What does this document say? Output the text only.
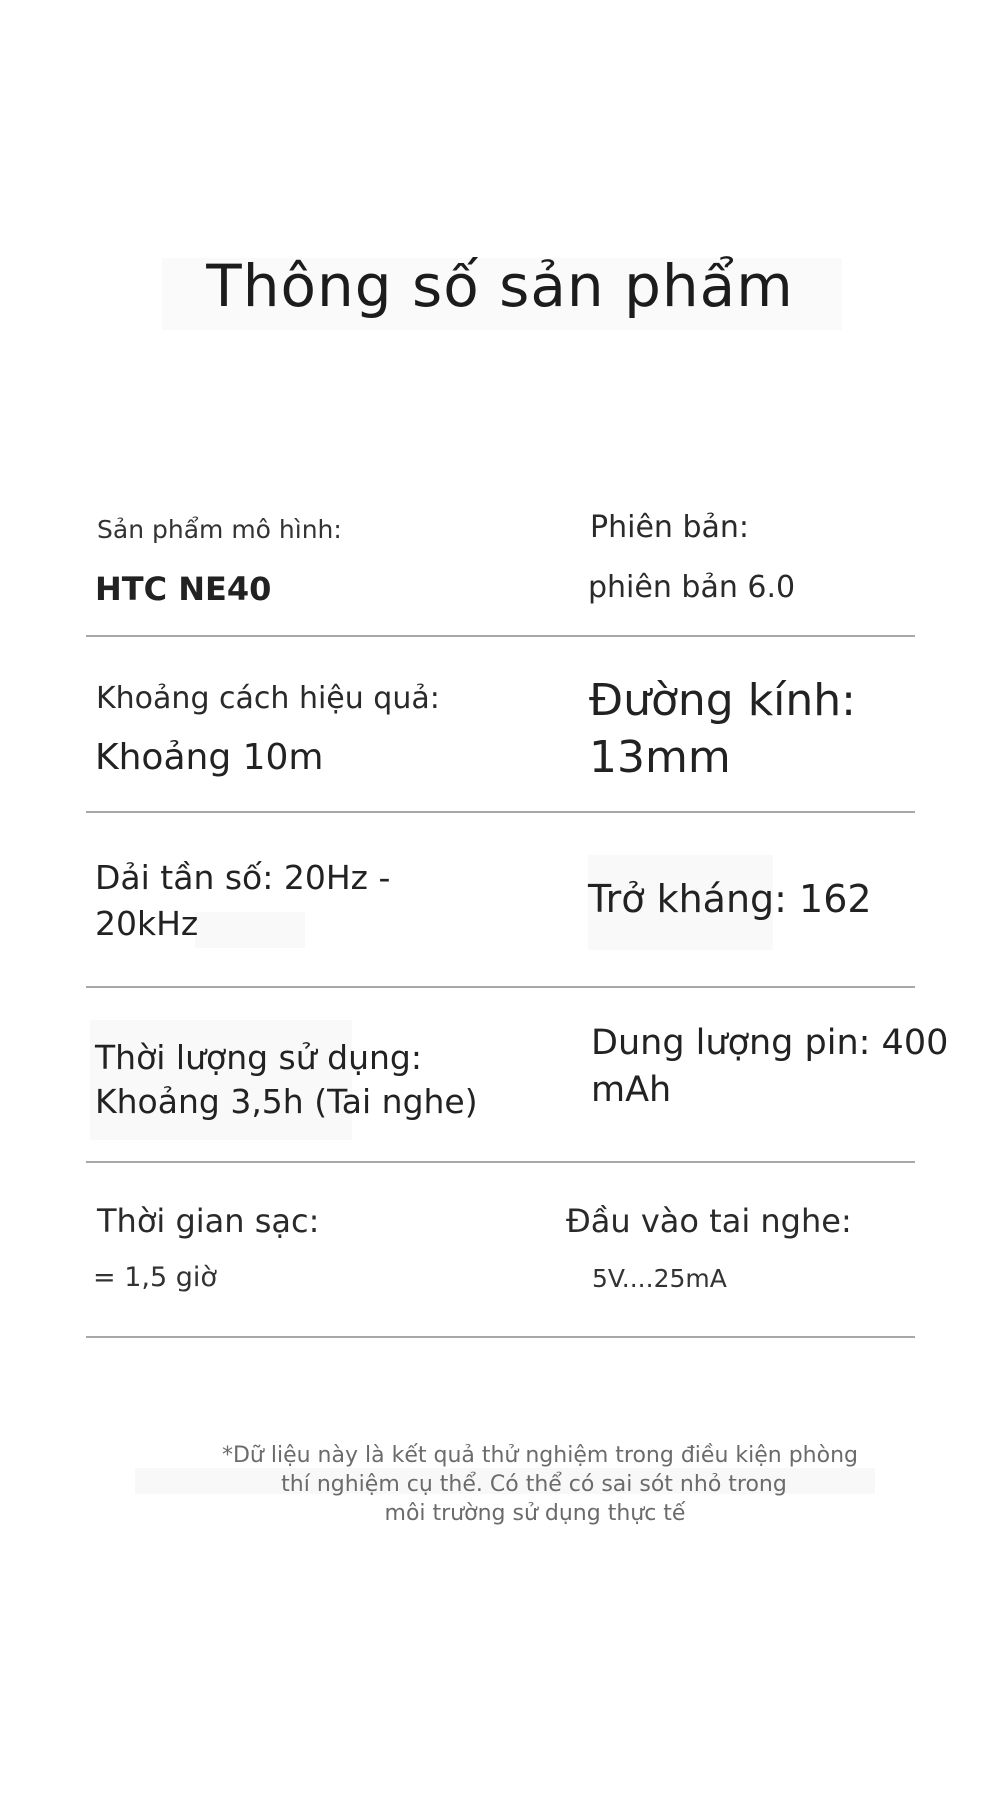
Thông số sản phẩm
Sản phẩm mô hình:
HTC NE40
Phiên bản:
phiên bản 6.0
Khoảng cách hiệu quả:
Khoảng 10m
Đường kính: 13mm
Dải tần số: 20Hz - 20kHz
Trở kháng: 162
Thời lượng sử dụng: Khoảng 3,5h (Tai nghe)
Dung lượng pin: 400 mAh
Thời gian sạc:
= 1,5 giờ
Đầu vào tai nghe:
5V....25mA

*Dữ liệu này là kết quả thử nghiệm trong điều kiện phòng
thí nghiệm cụ thể. Có thể có sai sót nhỏ trong
môi trường sử dụng thực tế
